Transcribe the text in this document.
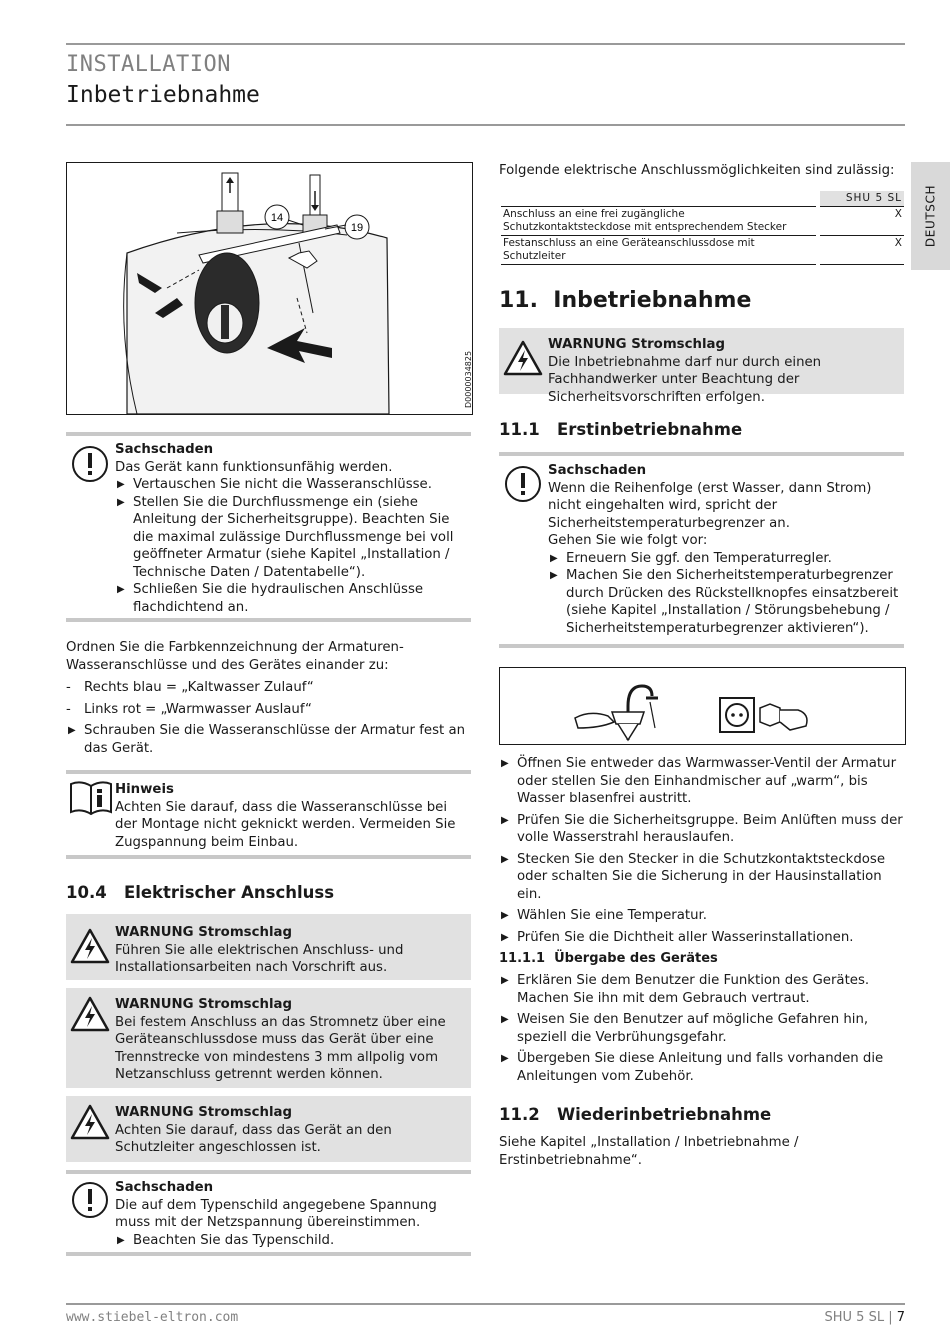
INSTALLATION
Inbetriebnahme
DEUTSCH
14
19
D0000034825
Sachschaden
Das Gerät kann funktionsunfähig werden.
▶ Vertauschen Sie nicht die Wasseranschlüsse.
▶ Stellen Sie die Durchflussmenge ein (siehe Anleitung der Sicherheitsgruppe). Beachten Sie die maximal zulässige Durchflussmenge bei voll geöffneter Armatur (siehe Kapitel „Installation / Technische Daten / Datentabelle“).
▶ Schließen Sie die hydraulischen Anschlüsse flachdichtend an.
Ordnen Sie die Farbkennzeichnung der Armaturen-Wasseranschlüsse und des Gerätes einander zu:
- Rechts blau = „Kaltwasser Zulauf“
- Links rot = „Warmwasser Auslauf“
▶ Schrauben Sie die Wasseranschlüsse der Armatur fest an das Gerät.
Hinweis
Achten Sie darauf, dass die Wasseranschlüsse bei der Montage nicht geknickt werden. Vermeiden Sie Zugspannung beim Einbau.
10.4   Elektrischer Anschluss
WARNUNG Stromschlag
Führen Sie alle elektrischen Anschluss- und Installationsarbeiten nach Vorschrift aus.
WARNUNG Stromschlag
Bei festem Anschluss an das Stromnetz über eine Geräteanschlussdose muss das Gerät über eine Trennstrecke von mindestens 3 mm allpolig vom Netzanschluss getrennt werden können.
WARNUNG Stromschlag
Achten Sie darauf, dass das Gerät an den Schutzleiter angeschlossen ist.
Sachschaden
Die auf dem Typenschild angegebene Spannung muss mit der Netzspannung übereinstimmen.
▶ Beachten Sie das Typenschild.
Folgende elektrische Anschlussmöglichkeiten sind zulässig:
		SHU 5 SL
Anschluss an eine frei zugängliche Schutzkontaktsteckdose mit entsprechendem Stecker		X
Festanschluss an eine Geräteanschlussdose mit Schutzleiter		X
11.  Inbetriebnahme
WARNUNG Stromschlag
Die Inbetriebnahme darf nur durch einen Fachhandwerker unter Beachtung der Sicherheitsvorschriften erfolgen.
11.1   Erstinbetriebnahme
Sachschaden
Wenn die Reihenfolge (erst Wasser, dann Strom) nicht eingehalten wird, spricht der Sicherheitstemperaturbegrenzer an.
Gehen Sie wie folgt vor:
▶ Erneuern Sie ggf. den Temperaturregler.
▶ Machen Sie den Sicherheitstemperaturbegrenzer durch Drücken des Rückstellknopfes einsatzbereit (siehe Kapitel „Installation / Störungsbehebung / Sicherheitstemperaturbegrenzer aktivieren“).
▶ Öffnen Sie entweder das Warmwasser-Ventil der Armatur oder stellen Sie den Einhandmischer auf „warm“, bis Wasser blasenfrei austritt.
▶ Prüfen Sie die Sicherheitsgruppe. Beim Anlüften muss der volle Wasserstrahl herauslaufen.
▶ Stecken Sie den Stecker in die Schutzkontaktsteckdose oder schalten Sie die Sicherung in der Hausinstallation ein.
▶ Wählen Sie eine Temperatur.
▶ Prüfen Sie die Dichtheit aller Wasserinstallationen.
11.1.1  Übergabe des Gerätes
▶ Erklären Sie dem Benutzer die Funktion des Gerätes. Machen Sie ihn mit dem Gebrauch vertraut.
▶ Weisen Sie den Benutzer auf mögliche Gefahren hin, speziell die Verbrühungsgefahr.
▶ Übergeben Sie diese Anleitung und falls vorhanden die Anleitungen vom Zubehör.
11.2   Wiederinbetriebnahme
Siehe Kapitel „Installation / Inbetriebnahme / Erstinbetriebnahme“.
www.stiebel-eltron.com	SHU 5 SL | 7
